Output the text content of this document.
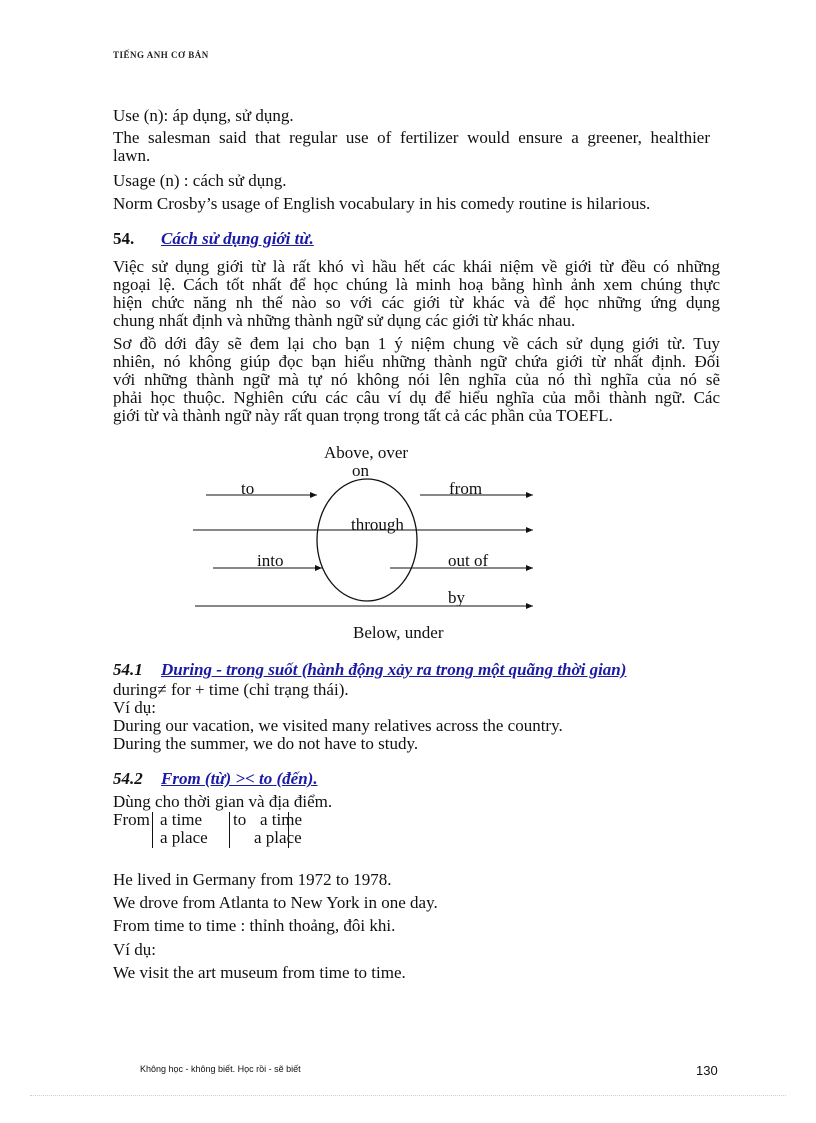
TIẾNG ANH CƠ BẢN
Use (n): áp dụng, sử dụng.
The salesman said that regular use of fertilizer would ensure a greener, healthier
lawn.
Usage (n) : cách sử dụng.
Norm Crosby’s usage of English vocabulary in his comedy routine is hilarious.
54. Cách sử dụng giới từ.
Việc sử dụng giới từ là rất khó vì hầu hết các khái niệm về giới từ đều có những
ngoại lệ. Cách tốt nhất để học chúng là minh hoạ bằng hình ảnh xem chúng thực
hiện chức năng nh thế nào so với các giới từ khác và để học những ứng dụng
chung nhất định và những thành ngữ sử dụng các giới từ khác nhau.
Sơ đồ dới đây sẽ đem lại cho bạn 1 ý niệm chung về cách sử dụng giới từ. Tuy
nhiên, nó không giúp đọc bạn hiểu những thành ngữ chứa giới từ nhất định. Đối
với những thành ngữ mà tự nó không nói lên nghĩa của nó thì nghĩa của nó sẽ
phải học thuộc. Nghiên cứu các câu ví dụ để hiểu nghĩa của mỗi thành ngữ. Các
giới từ và thành ngữ này rất quan trọng trong tất cả các phần của TOEFL.
Above, over
on
to	from
through
into	out of
by
Below, under
54.1 During - trong suốt (hành động xảy ra trong một quãng thời gian)
during≠ for + time (chỉ trạng thái).
Ví dụ:
During our vacation, we visited many relatives across the country.
During the summer, we do not have to study.
54.2 From (từ) >< to (đến).
Dùng cho thời gian và địa điểm.
From a time
a place
to a time
a place
He lived in Germany from 1972 to 1978.
We drove from Atlanta to New York in one day.
From time to time : thỉnh thoảng, đôi khi.
Ví dụ:
We visit the art museum from time to time.
Không học - không biết. Học rồi - sẽ biết	130
